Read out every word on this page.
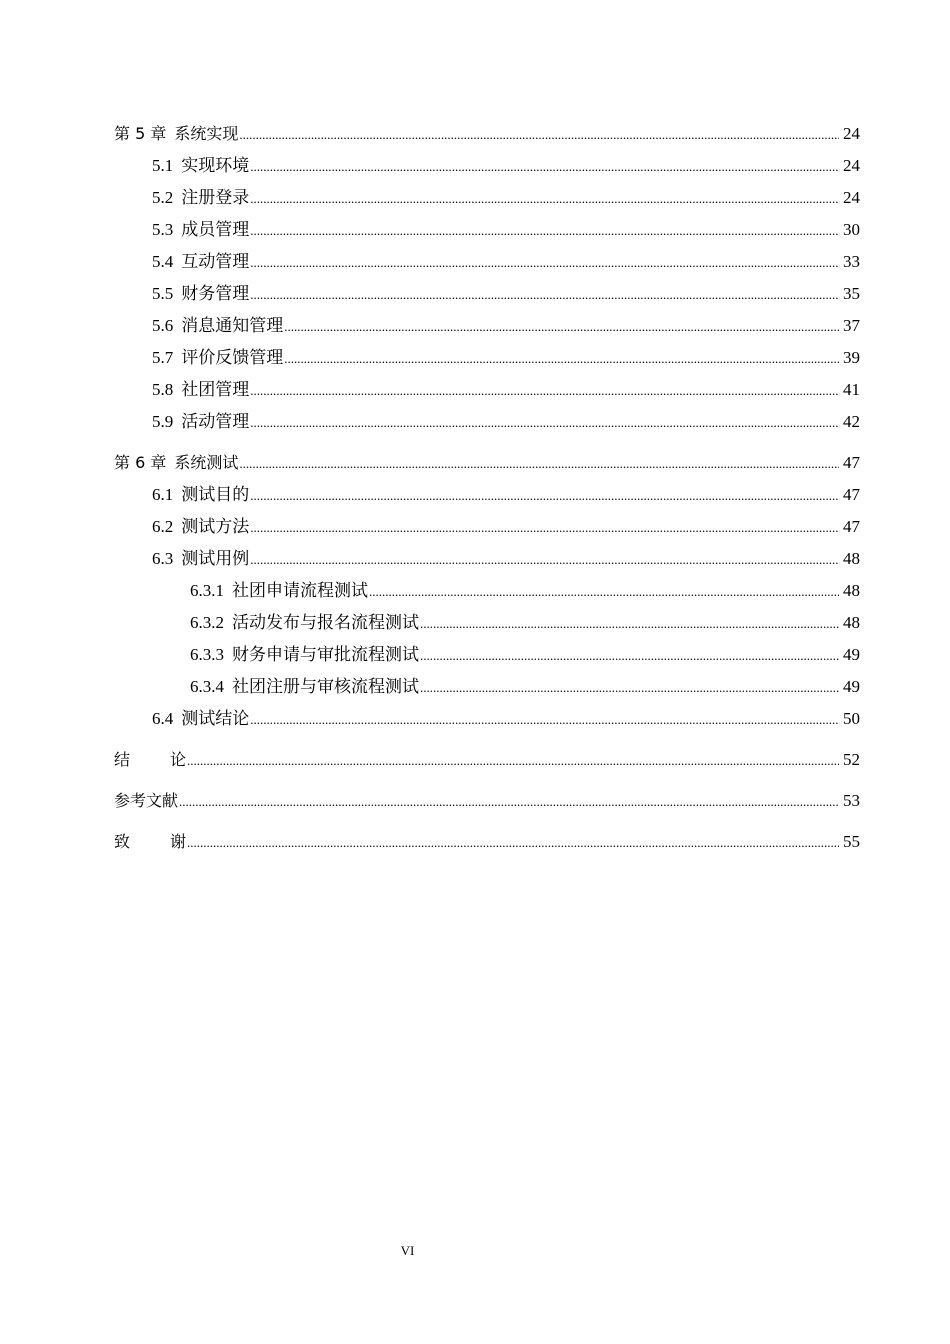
第 5 章 系统实现 .....	24
5.1 实现环境 .....	24
5.2 注册登录 .....	24
5.3 成员管理 .....	30
5.4 互动管理 .....	33
5.5 财务管理 .....	35
5.6 消息通知管理 .....	37
5.7 评价反馈管理 .....	39
5.8 社团管理 .....	41
5.9 活动管理 .....	42
第 6 章 系统测试 .....	47
6.1 测试目的 .....	47
6.2 测试方法 .....	47
6.3 测试用例 .....	48
6.3.1 社团申请流程测试 .....	48
6.3.2 活动发布与报名流程测试 .....	48
6.3.3 财务申请与审批流程测试 .....	49
6.3.4 社团注册与审核流程测试 .....	49
6.4 测试结论 .....	50
结	论 .....	52
参考文献 .....	53
致	谢 .....	55
VI
